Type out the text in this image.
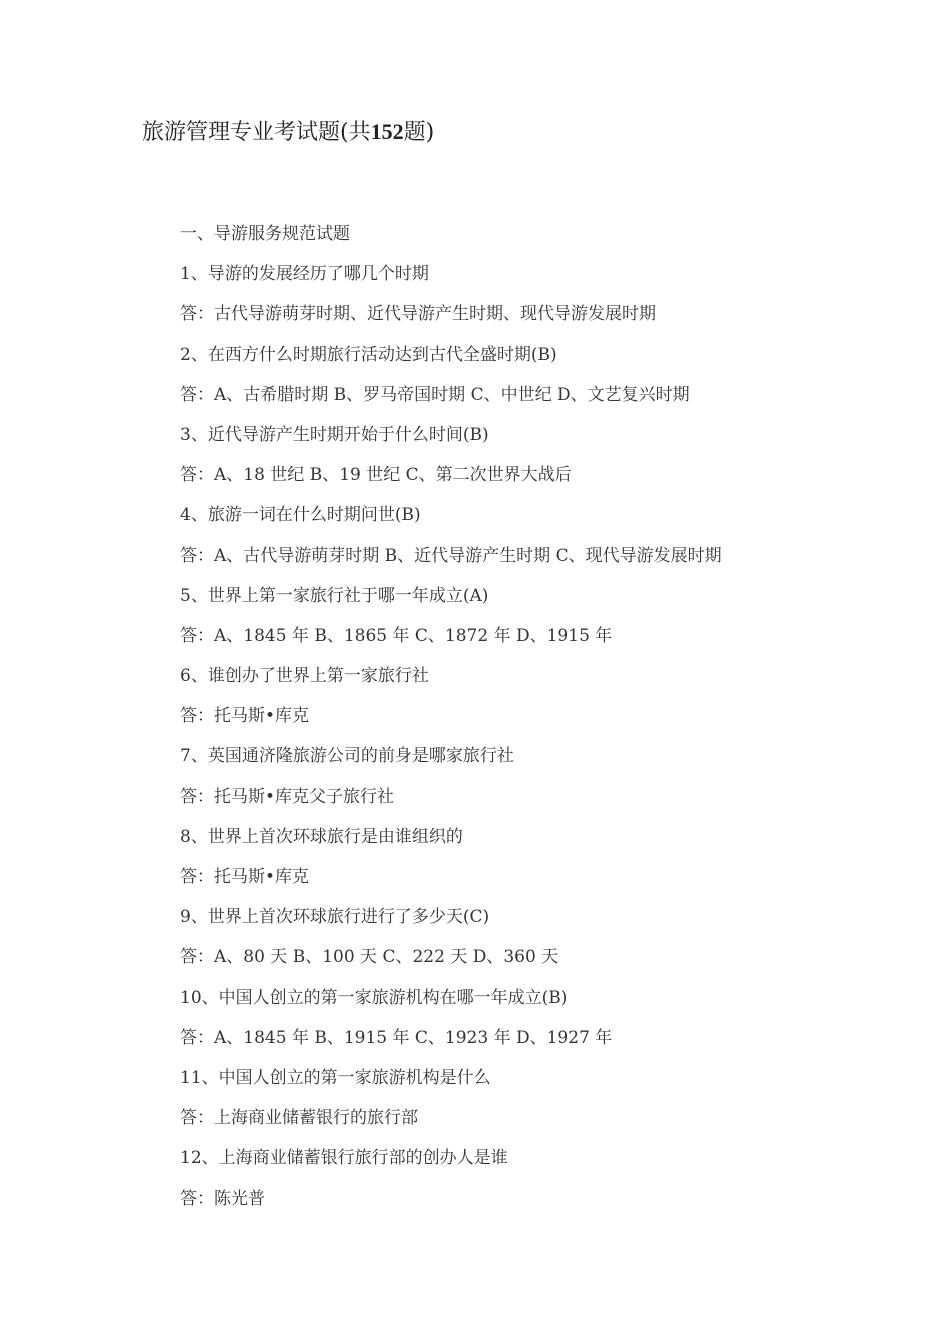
旅游管理专业考试题(共152题)
一、导游服务规范试题
1、导游的发展经历了哪几个时期
答：古代导游萌芽时期、近代导游产生时期、现代导游发展时期
2、在西方什么时期旅行活动达到古代全盛时期(B)
答：A、古希腊时期 B、罗马帝国时期 C、中世纪 D、文艺复兴时期
3、近代导游产生时期开始于什么时间(B)
答：A、18 世纪 B、19 世纪 C、第二次世界大战后
4、旅游一词在什么时期问世(B)
答：A、古代导游萌芽时期 B、近代导游产生时期 C、现代导游发展时期
5、世界上第一家旅行社于哪一年成立(A)
答：A、1845 年 B、1865 年 C、1872 年 D、1915 年
6、谁创办了世界上第一家旅行社
答：托马斯•库克
7、英国通济隆旅游公司的前身是哪家旅行社
答：托马斯•库克父子旅行社
8、世界上首次环球旅行是由谁组织的
答：托马斯•库克
9、世界上首次环球旅行进行了多少天(C)
答：A、80 天 B、100 天 C、222 天 D、360 天
10、中国人创立的第一家旅游机构在哪一年成立(B)
答：A、1845 年 B、1915 年 C、1923 年 D、1927 年
11、中国人创立的第一家旅游机构是什么
答：上海商业储蓄银行的旅行部
12、上海商业储蓄银行旅行部的创办人是谁
答：陈光普
